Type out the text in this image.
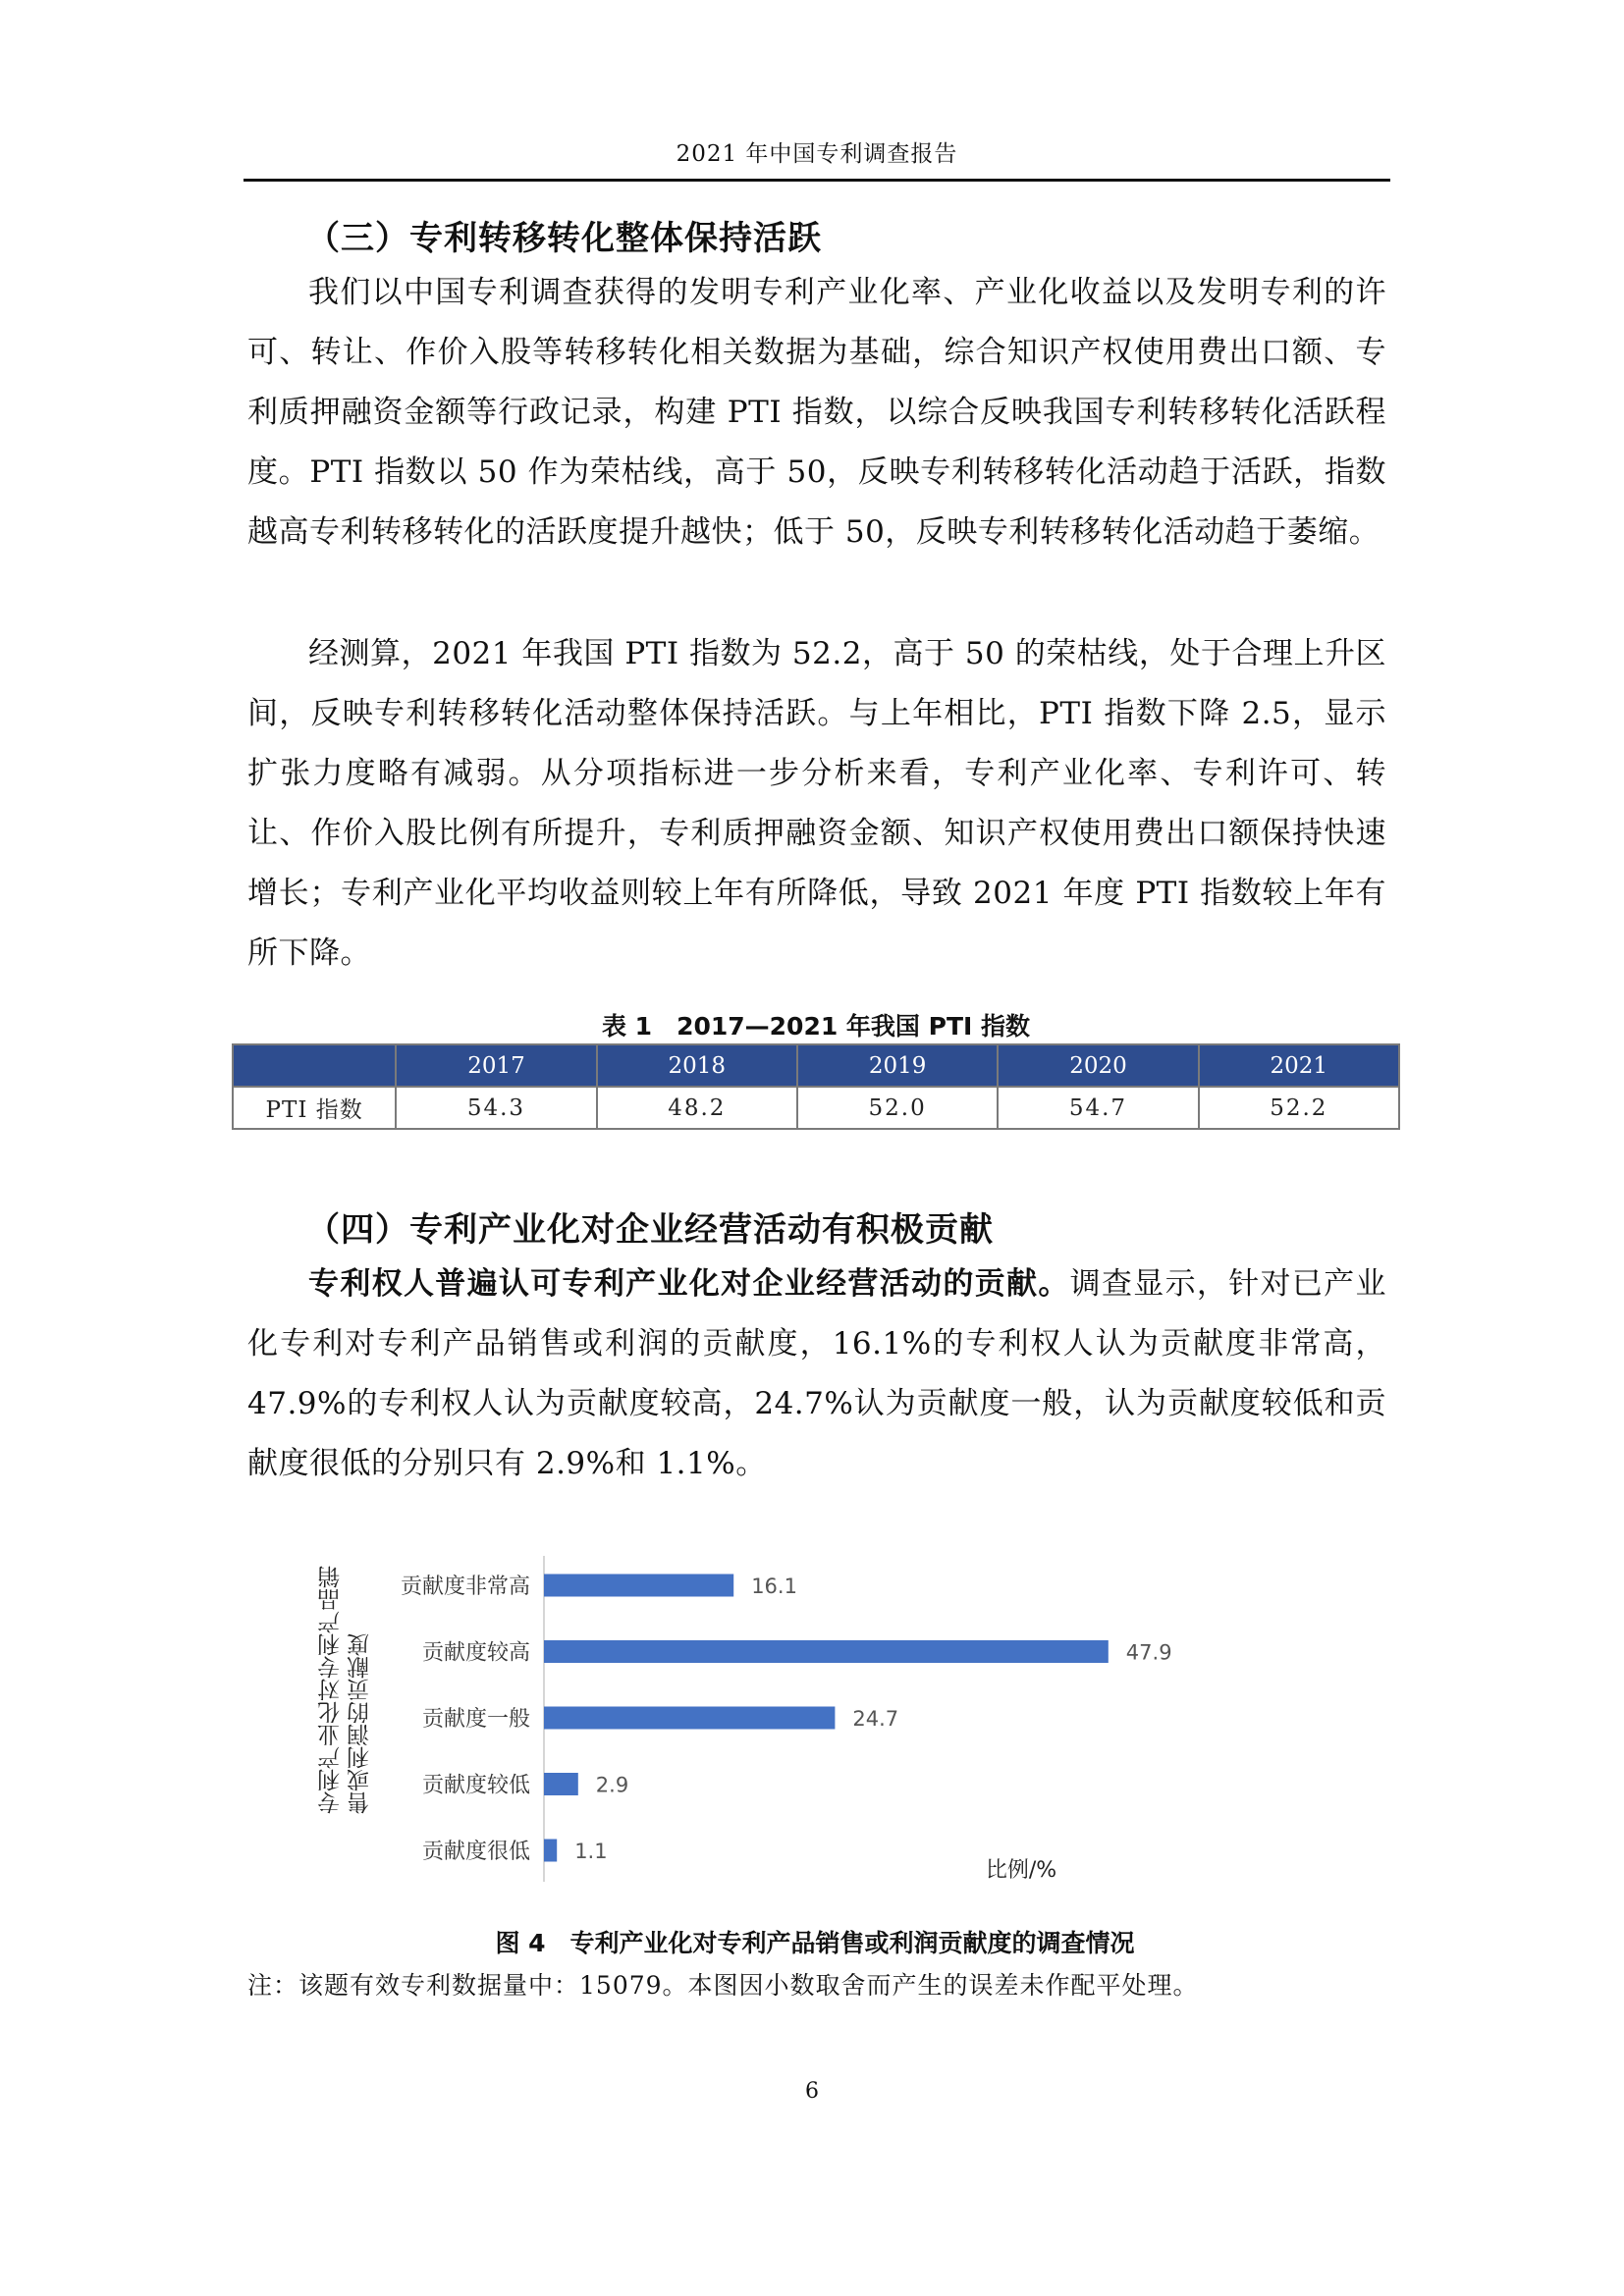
2021 年中国专利调查报告
（三）专利转移转化整体保持活跃

我们以中国专利调查获得的发明专利产业化率、产业化收益以及发明专利的许可、转让、作价入股等转移转化相关数据为基础，综合知识产权使用费出口额、专利质押融资金额等行政记录，构建 PTI 指数，以综合反映我国专利转移转化活跃程度。PTI 指数以 50 作为荣枯线，高于 50，反映专利转移转化活动趋于活跃，指数越高专利转移转化的活跃度提升越快；低于 50，反映专利转移转化活动趋于萎缩。

经测算，2021 年我国 PTI 指数为 52.2，高于 50 的荣枯线，处于合理上升区间，反映专利转移转化活动整体保持活跃。与上年相比，PTI 指数下降 2.5，显示扩张力度略有减弱。从分项指标进一步分析来看，专利产业化率、专利许可、转让、作价入股比例有所提升，专利质押融资金额、知识产权使用费出口额保持快速增长；专利产业化平均收益则较上年有所降低，导致 2021 年度 PTI 指数较上年有所下降。

表 1　2017—2021 年我国 PTI 指数
	2017	2018	2019	2020	2021
PTI 指数	54.3	48.2	52.0	54.7	52.2
（四）专利产业化对企业经营活动有积极贡献

专利权人普遍认可专利产业化对企业经营活动的贡献。调查显示，针对已产业化专利对专利产品销售或利润的贡献度，16.1%的专利权人认为贡献度非常高，47.9%的专利权人认为贡献度较高，24.7%认为贡献度一般，认为贡献度较低和贡献度很低的分别只有 2.9%和 1.1%。

专利产业化对专利产品销 售或利润的贡献度
贡献度非常高	16.1
贡献度较高	47.9
贡献度一般	24.7
贡献度较低	2.9
贡献度很低 1.1
比例/%
图 4　专利产业化对专利产品销售或利润贡献度的调查情况
注：该题有效专利数据量中：15079。本图因小数取舍而产生的误差未作配平处理。
6
